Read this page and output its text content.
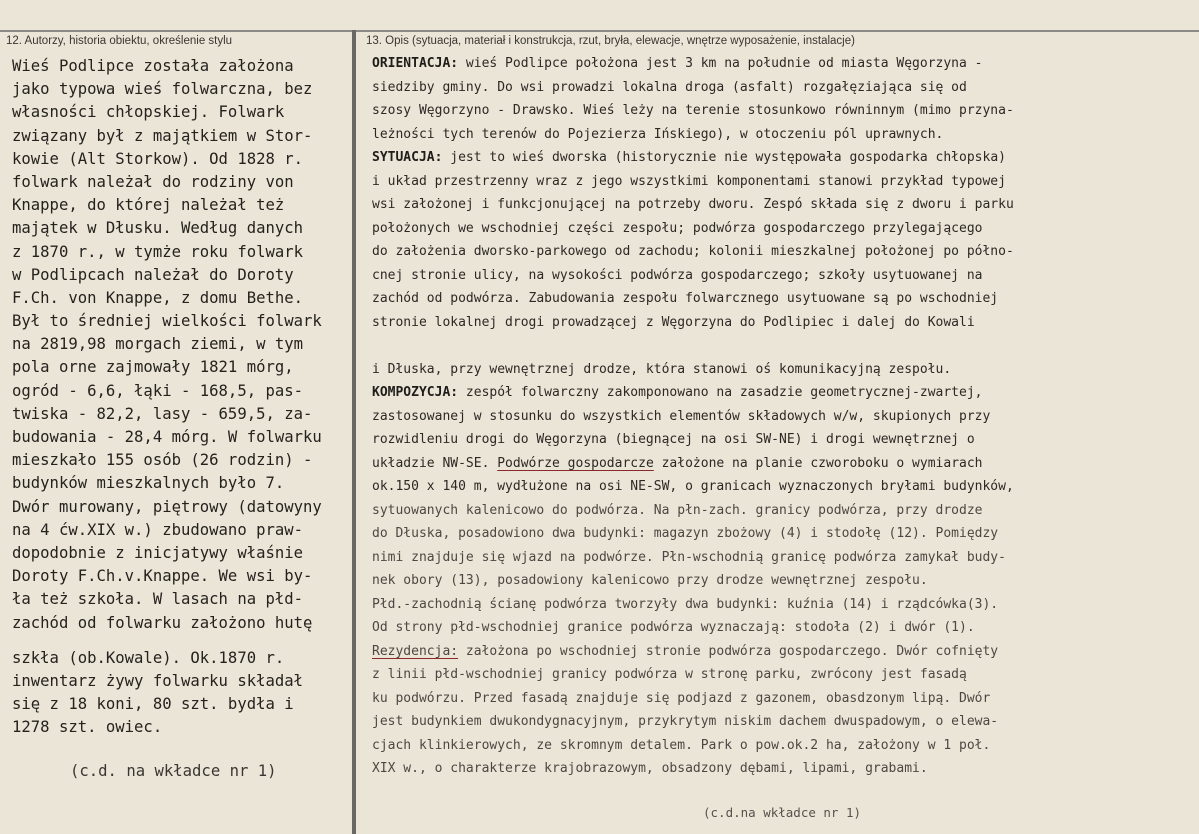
12. Autorzy, historia obiektu, określenie stylu	13. Opis (sytuacja, materiał i konstrukcja, rzut, bryła, elewacje, wnętrze wyposażenie, instalacje)
Wieś Podlipce została założona
jako typowa wieś folwarczna, bez
własności chłopskiej. Folwark
związany był z majątkiem w Stor-
kowie (Alt Storkow). Od 1828 r.
folwark należał do rodziny von
Knappe, do której należał też
majątek w Dłusku. Według danych
z 1870 r., w tymże roku folwark
w Podlipcach należał do Doroty
F.Ch. von Knappe, z domu Bethe.
Był to średniej wielkości folwark
na 2819,98 morgach ziemi, w tym
pola orne zajmowały 1821 mórg,
ogród - 6,6, łąki - 168,5, pas-
twiska - 82,2, lasy - 659,5, za-
budowania - 28,4 mórg. W folwarku
mieszkało 155 osób (26 rodzin) -
budynków mieszkalnych było 7.
Dwór murowany, piętrowy (datowyny
na 4 ćw.XIX w.) zbudowano praw-
dopodobnie z inicjatywy właśnie
Doroty F.Ch.v.Knappe. We wsi by-
ła też szkoła. W lasach na płd-
zachód od folwarku założono hutę
szkła (ob.Kowale). Ok.1870 r.
inwentarz żywy folwarku składał
się z 18 koni, 80 szt. bydła i
1278 szt. owiec.
(c.d. na wkładce nr 1)
ORIENTACJA: wieś Podlipce położona jest 3 km na południe od miasta Węgorzyna -
siedziby gminy. Do wsi prowadzi lokalna droga (asfalt) rozgałęziająca się od
szosy Węgorzyno - Drawsko. Wieś leży na terenie stosunkowo równinnym (mimo przyna-
leżności tych terenów do Pojezierza Ińskiego), w otoczeniu pól uprawnych.
SYTUACJA: jest to wieś dworska (historycznie nie występowała gospodarka chłopska)
i układ przestrzenny wraz z jego wszystkimi komponentami stanowi przykład typowej
wsi założonej i funkcjonującej na potrzeby dworu. Zespó składa się z dworu i parku
położonych we wschodniej części zespołu; podwórza gospodarczego przylegającego
do założenia dworsko-parkowego od zachodu; kolonii mieszkalnej położonej po półno-
cnej stronie ulicy, na wysokości podwórza gospodarczego; szkoły usytuowanej na
zachód od podwórza. Zabudowania zespołu folwarcznego usytuowane są po wschodniej
stronie lokalnej drogi prowadzącej z Węgorzyna do Podlipiec i dalej do Kowali
i Dłuska, przy wewnętrznej drodze, która stanowi oś komunikacyjną zespołu.
KOMPOZYCJA: zespół folwarczny zakomponowano na zasadzie geometrycznej-zwartej,
zastosowanej w stosunku do wszystkich elementów składowych w/w, skupionych przy
rozwidleniu drogi do Węgorzyna (biegnącej na osi SW-NE) i drogi wewnętrznej o
układzie NW-SE. Podwórze gospodarcze założone na planie czworoboku o wymiarach
ok.150 x 140 m, wydłużone na osi NE-SW, o granicach wyznaczonych bryłami budynków,
sytuowanych kalenicowo do podwórza. Na płn-zach. granicy podwórza, przy drodze
do Dłuska, posadowiono dwa budynki: magazyn zbożowy (4) i stodołę (12). Pomiędzy
nimi znajduje się wjazd na podwórze. Płn-wschodnią granicę podwórza zamykał budy-
nek obory (13), posadowiony kalenicowo przy drodze wewnętrznej zespołu.
Płd.-zachodnią ścianę podwórza tworzyły dwa budynki: kuźnia (14) i rządcówka(3).
Od strony płd-wschodniej granice podwórza wyznaczają: stodoła (2) i dwór (1).
Rezydencja: założona po wschodniej stronie podwórza gospodarczego. Dwór cofnięty
z linii płd-wschodniej granicy podwórza w stronę parku, zwrócony jest fasadą
ku podwórzu. Przed fasadą znajduje się podjazd z gazonem, obasdzonym lipą. Dwór
jest budynkiem dwukondygnacyjnym, przykrytym niskim dachem dwuspadowym, o elewa-
cjach klinkierowych, ze skromnym detalem. Park o pow.ok.2 ha, założony w 1 poł.
XIX w., o charakterze krajobrazowym, obsadzony dębami, lipami, grabami.
(c.d.na wkładce nr 1)
